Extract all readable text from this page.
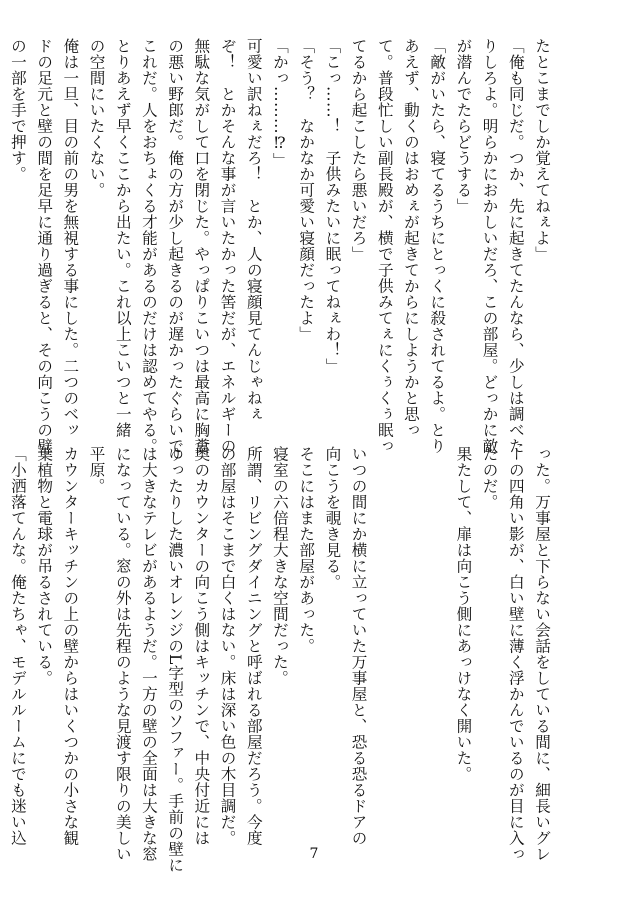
たとこまでしか覚えてねぇよ」

「俺も同じだ。つか、先に起きてたんなら、少しは調べた

りしろよ。明らかにおかしいだろ、この部屋。どっかに敵

が潜んでたらどうする」

「敵がいたら、寝てるうちにとっくに殺されてるよ。とり

あえず、動くのはおめぇが起きてからにしようかと思っ

て。普段忙しい副長殿が、横で子供みてぇにくぅくぅ眠っ

てるから起こしたら悪いだろ」

「こっ……！　子供みたいに眠ってねぇわ！」

「そう？　なかなか可愛い寝顔だったよ」

「かっ………⁉」

可愛い訳ねぇだろ！　とか、人の寝顔見てんじゃねぇ

ぞ！　とかそんな事が言いたかった筈だが、エネルギーの

無駄な気がして口を閉じた。やっぱりこいつは最高に胸糞

の悪い野郎だ。俺の方が少し起きるのが遅かったぐらいで

これだ。人をおちょくる才能があるのだけは認めてやる。

とりあえず早くここから出たい。これ以上こいつと一緒

の空間にいたくない。

俺は一旦、目の前の男を無視する事にした。二つのベッ

ドの足元と壁の間を足早に通り過ぎると、その向こうの壁

の一部を手で押す。

った。万事屋と下らない会話をしている間に、細長いグレ

ーの四角い影が、白い壁に薄く浮かんでいるのが目に入っ

たのだ。

果たして、扉は向こう側にあっけなく開いた。

いつの間にか横に立っていた万事屋と、恐る恐るドアの

向こうを覗き見る。

そこにはまた部屋があった。

寝室の六倍程大きな空間だった。

所謂、リビングダイニングと呼ばれる部屋だろう。今度

の部屋はそこまで白くはない。床は深い色の木目調だ。

奥のカウンターの向こう側はキッチンで、中央付近には

ゆったりした濃いオレンジのL字型のソファー。手前の壁に

は大きなテレビがあるようだ。一方の壁の全面は大きな窓

になっている。窓の外は先程のような見渡す限りの美しい

平原。

カウンターキッチンの上の壁からはいくつかの小さな観

葉植物と電球が吊るされている。

「小洒落てんな。俺たちゃ、モデルルームにでも迷い込

7
